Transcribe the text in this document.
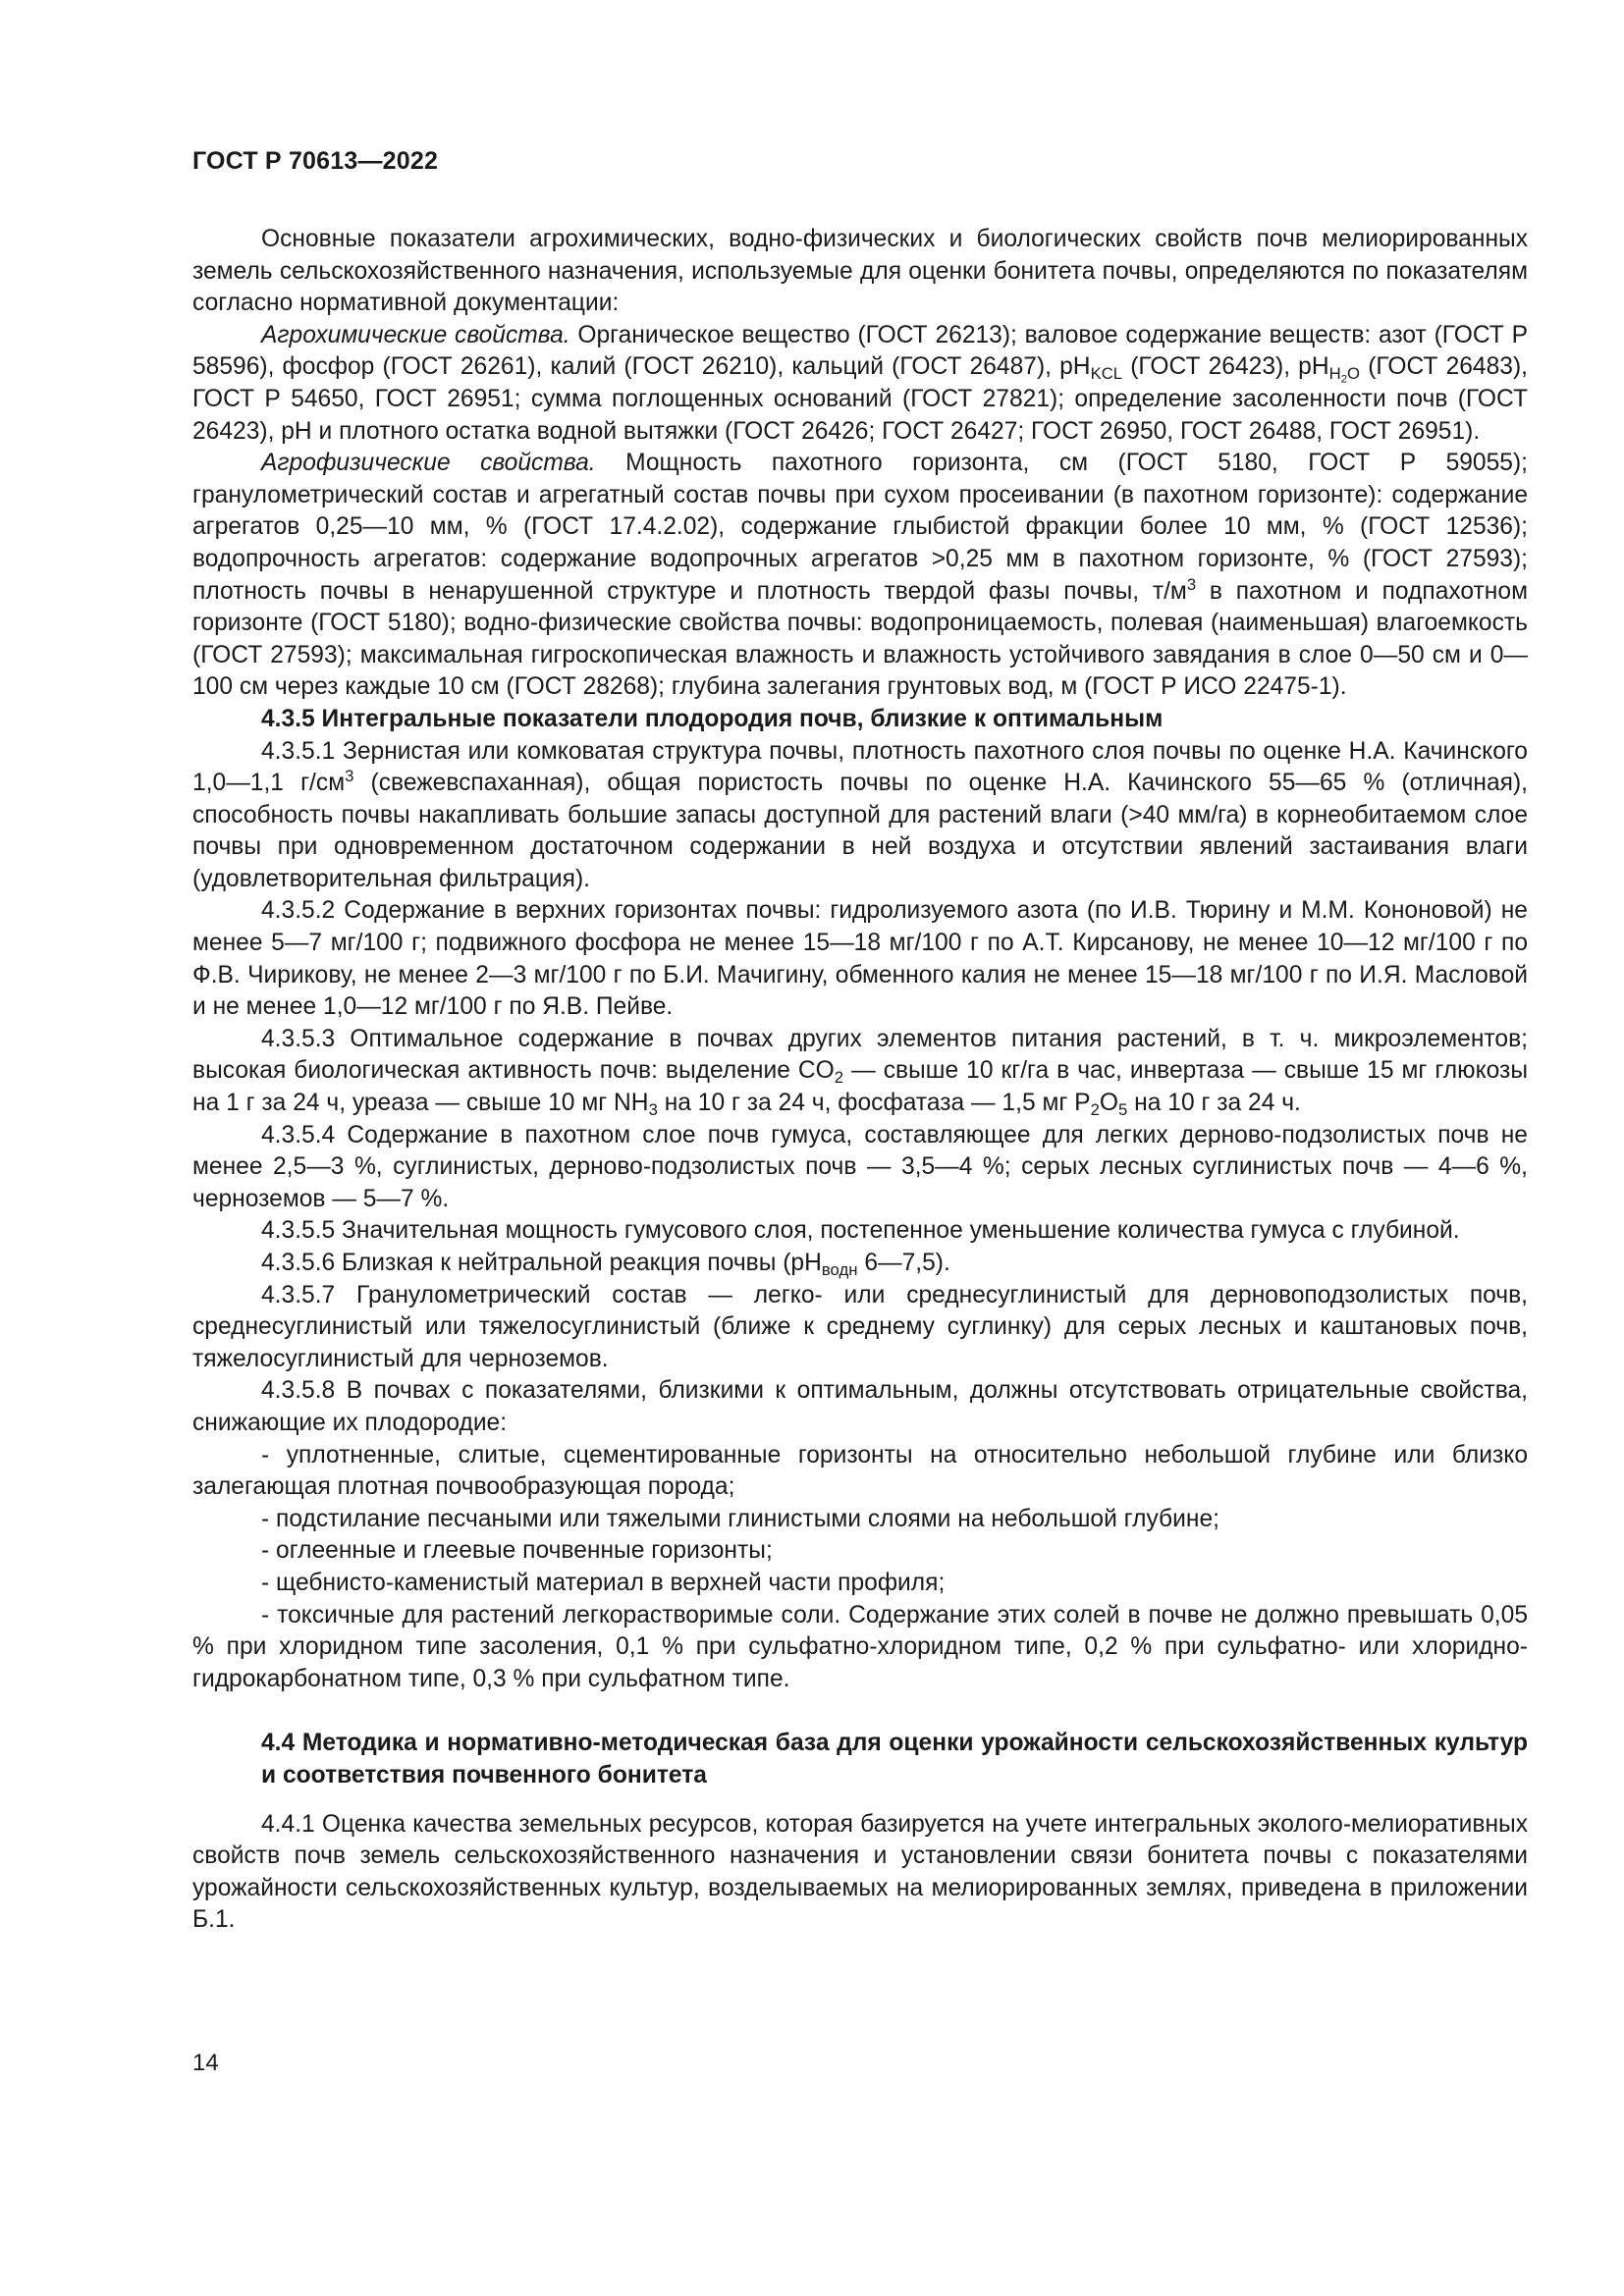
ГОСТ Р 70613—2022

Основные показатели агрохимических, водно-физических и биологических свойств почв мелиорированных земель сельскохозяйственного назначения, используемые для оценки бонитета почвы, определяются по показателям согласно нормативной документации:

Агрохимические свойства. Органическое вещество (ГОСТ 26213); валовое содержание веществ: азот (ГОСТ Р 58596), фосфор (ГОСТ 26261), калий (ГОСТ 26210), кальций (ГОСТ 26487), $pH_{KCL}$ (ГОСТ 26423), $pH_{H_2O}$ (ГОСТ 26483), ГОСТ Р 54650, ГОСТ 26951; сумма поглощенных оснований (ГОСТ 27821); определение засоленности почв (ГОСТ 26423), pH и плотного остатка водной вытяжки (ГОСТ 26426; ГОСТ 26427; ГОСТ 26950, ГОСТ 26488, ГОСТ 26951).

Агрофизические свойства. Мощность пахотного горизонта, см (ГОСТ 5180, ГОСТ Р 59055); гранулометрический состав и агрегатный состав почвы при сухом просеивании (в пахотном горизонте): содержание агрегатов 0,25—10 мм, % (ГОСТ 17.4.2.02), содержание глыбистой фракции более 10 мм, % (ГОСТ 12536); водопрочность агрегатов: содержание водопрочных агрегатов >0,25 мм в пахотном горизонте, % (ГОСТ 27593); плотность почвы в ненарушенной структуре и плотность твердой фазы почвы, $т/м^3$ в пахотном и подпахотном горизонте (ГОСТ 5180); водно-физические свойства почвы: водопроницаемость, полевая (наименьшая) влагоемкость (ГОСТ 27593); максимальная гигроскопическая влажность и влажность устойчивого завядания в слое 0—50 см и 0—100 см через каждые 10 см (ГОСТ 28268); глубина залегания грунтовых вод, м (ГОСТ Р ИСО 22475-1).

4.3.5 Интегральные показатели плодородия почв, близкие к оптимальным

4.3.5.1 Зернистая или комковатая структура почвы, плотность пахотного слоя почвы по оценке Н.А. Качинского 1,0—1,1 $г/см^3$ (свежевспаханная), общая пористость почвы по оценке Н.А. Качинского 55—65 % (отличная), способность почвы накапливать большие запасы доступной для растений влаги (>40 мм/га) в корнеобитаемом слое почвы при одновременном достаточном содержании в ней воздуха и отсутствии явлений застаивания влаги (удовлетворительная фильтрация).

4.3.5.2 Содержание в верхних горизонтах почвы: гидролизуемого азота (по И.В. Тюрину и М.М. Кононовой) не менее 5—7 мг/100 г; подвижного фосфора не менее 15—18 мг/100 г по А.Т. Кирсанову, не менее 10—12 мг/100 г по Ф.В. Чирикову, не менее 2—3 мг/100 г по Б.И. Мачигину, обменного калия не менее 15—18 мг/100 г по И.Я. Масловой и не менее 1,0—12 мг/100 г по Я.В. Пейве.

4.3.5.3 Оптимальное содержание в почвах других элементов питания растений, в т. ч. микроэлементов; высокая биологическая активность почв: выделение $CO_2$ — свыше 10 кг/га в час, инвертаза — свыше 15 мг глюкозы на 1 г за 24 ч, уреаза — свыше 10 мг $NH_3$ на 10 г за 24 ч, фосфатаза — 1,5 мг $P_2O_5$ на 10 г за 24 ч.

4.3.5.4 Содержание в пахотном слое почв гумуса, составляющее для легких дерново-подзолистых почв не менее 2,5—3 %, суглинистых, дерново-подзолистых почв — 3,5—4 %; серых лесных суглинистых почв — 4—6 %, черноземов — 5—7 %.

4.3.5.5 Значительная мощность гумусового слоя, постепенное уменьшение количества гумуса с глубиной.

4.3.5.6 Близкая к нейтральной реакция почвы ($pH_{водн}$ 6—7,5).

4.3.5.7 Гранулометрический состав — легко- или среднесуглинистый для дерновоподзолистых почв, среднесуглинистый или тяжелосуглинистый (ближе к среднему суглинку) для серых лесных и каштановых почв, тяжелосуглинистый для черноземов.

4.3.5.8 В почвах с показателями, близкими к оптимальным, должны отсутствовать отрицательные свойства, снижающие их плодородие:

- уплотненные, слитые, сцементированные горизонты на относительно небольшой глубине или близко залегающая плотная почвообразующая порода;

- подстилание песчаными или тяжелыми глинистыми слоями на небольшой глубине;

- оглеенные и глеевые почвенные горизонты;

- щебнисто-каменистый материал в верхней части профиля;

- токсичные для растений легкорастворимые соли. Содержание этих солей в почве не должно превышать 0,05 % при хлоридном типе засоления, 0,1 % при сульфатно-хлоридном типе, 0,2 % при сульфатно- или хлоридно-гидрокарбонатном типе, 0,3 % при сульфатном типе.

4.4 Методика и нормативно-методическая база для оценки урожайности сельскохозяйственных культур и соответствия почвенного бонитета

4.4.1 Оценка качества земельных ресурсов, которая базируется на учете интегральных эколого-мелиоративных свойств почв земель сельскохозяйственного назначения и установлении связи бонитета почвы с показателями урожайности сельскохозяйственных культур, возделываемых на мелиорированных землях, приведена в приложении Б.1.

14
